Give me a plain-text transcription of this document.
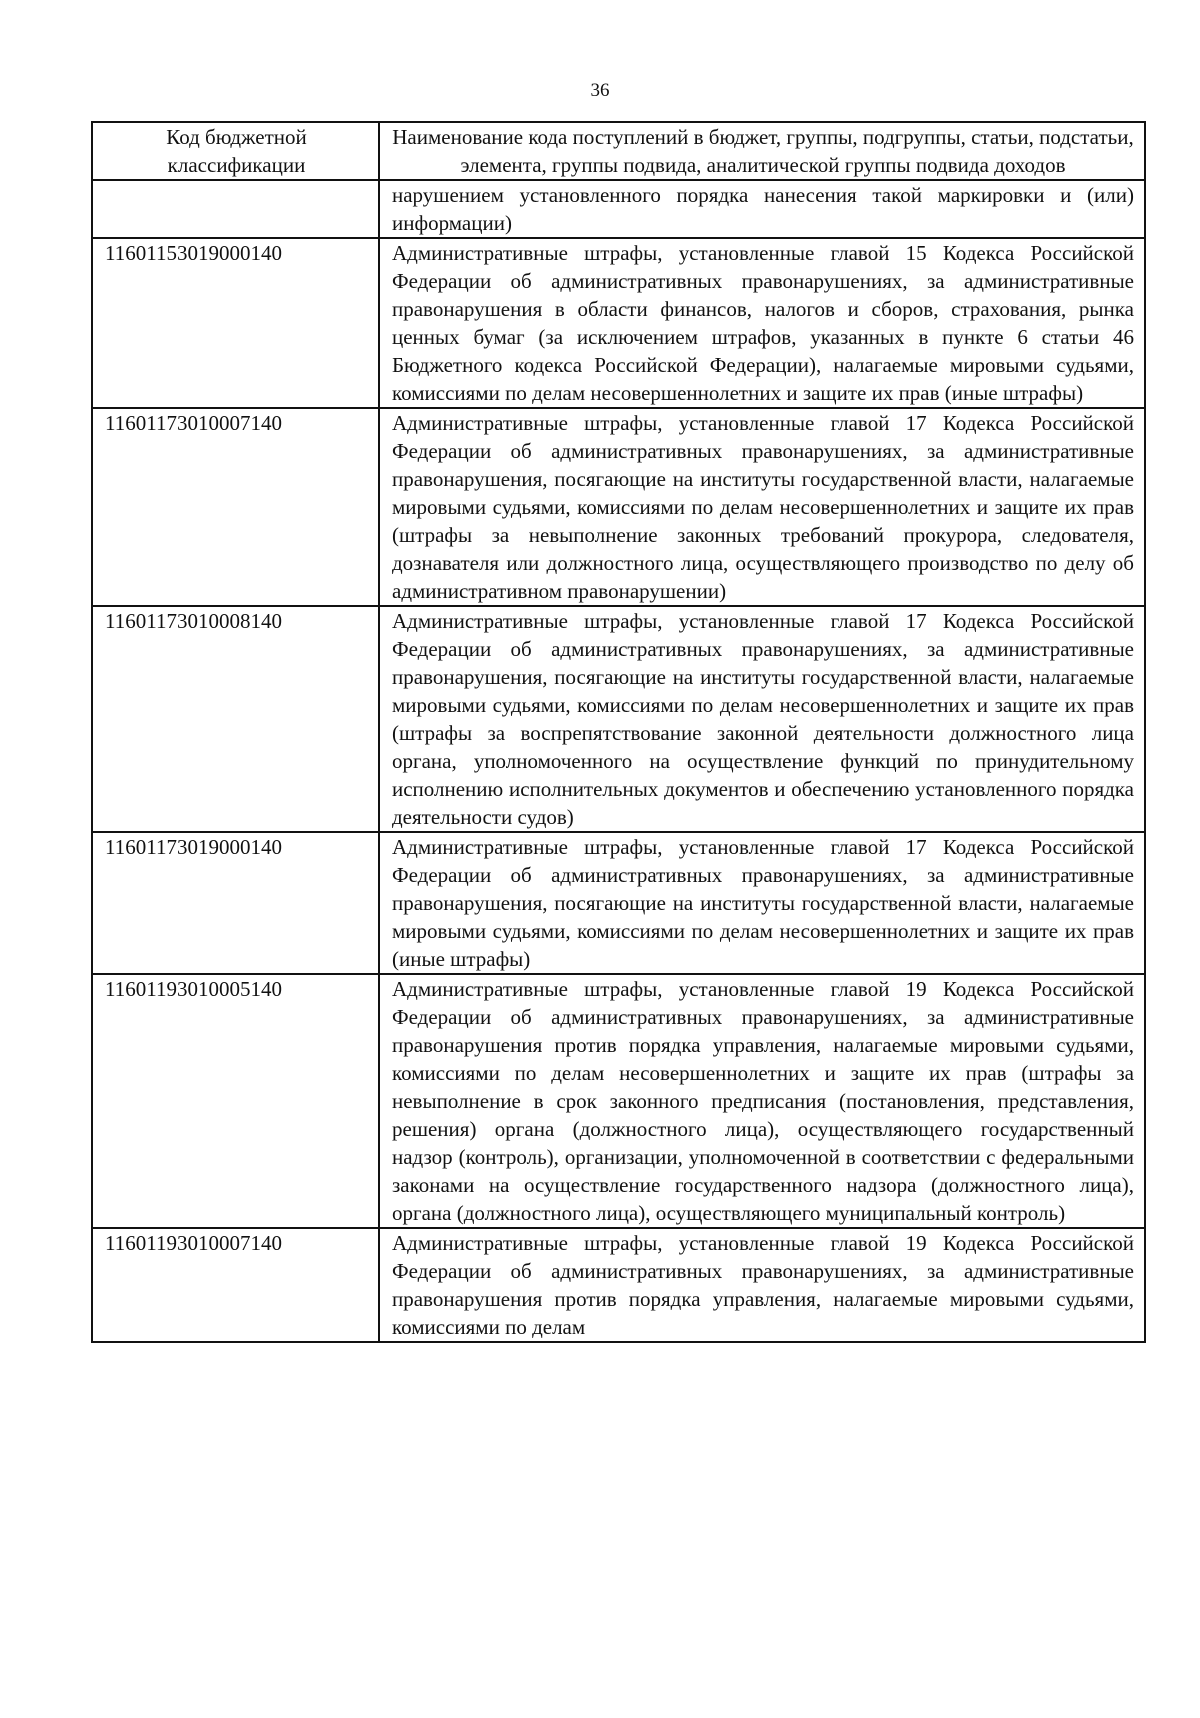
36
Код бюджетной классификации	Наименование кода поступлений в бюджет, группы, подгруппы, статьи, подстатьи, элемента, группы подвида, аналитической группы подвида доходов
	нарушением установленного порядка нанесения такой маркировки и (или) информации)
11601153019000140	Административные штрафы, установленные главой 15 Кодекса Российской Федерации об административных правонарушениях, за административные правонарушения в области финансов, налогов и сборов, страхования, рынка ценных бумаг (за исключением штрафов, указанных в пункте 6 статьи 46 Бюджетного кодекса Российской Федерации), налагаемые мировыми судьями, комиссиями по делам несовершеннолетних и защите их прав (иные штрафы)
11601173010007140	Административные штрафы, установленные главой 17 Кодекса Российской Федерации об административных правонарушениях, за административные правонарушения, посягающие на институты государственной власти, налагаемые мировыми судьями, комиссиями по делам несовершеннолетних и защите их прав (штрафы за невыполнение законных требований прокурора, следователя, дознавателя или должностного лица, осуществляющего производство по делу об административном правонарушении)
11601173010008140	Административные штрафы, установленные главой 17 Кодекса Российской Федерации об административных правонарушениях, за административные правонарушения, посягающие на институты государственной власти, налагаемые мировыми судьями, комиссиями по делам несовершеннолетних и защите их прав (штрафы за воспрепятствование законной деятельности должностного лица органа, уполномоченного на осуществление функций по принудительному исполнению исполнительных документов и обеспечению установленного порядка деятельности судов)
11601173019000140	Административные штрафы, установленные главой 17 Кодекса Российской Федерации об административных правонарушениях, за административные правонарушения, посягающие на институты государственной власти, налагаемые мировыми судьями, комиссиями по делам несовершеннолетних и защите их прав (иные штрафы)
11601193010005140	Административные штрафы, установленные главой 19 Кодекса Российской Федерации об административных правонарушениях, за административные правонарушения против порядка управления, налагаемые мировыми судьями, комиссиями по делам несовершеннолетних и защите их прав (штрафы за невыполнение в срок законного предписания (постановления, представления, решения) органа (должностного лица), осуществляющего государственный надзор (контроль), организации, уполномоченной в соответствии с федеральными законами на осуществление государственного надзора (должностного лица), органа (должностного лица), осуществляющего муниципальный контроль)
11601193010007140	Административные штрафы, установленные главой 19 Кодекса Российской Федерации об административных правонарушениях, за административные правонарушения против порядка управления, налагаемые мировыми судьями, комиссиями по делам
